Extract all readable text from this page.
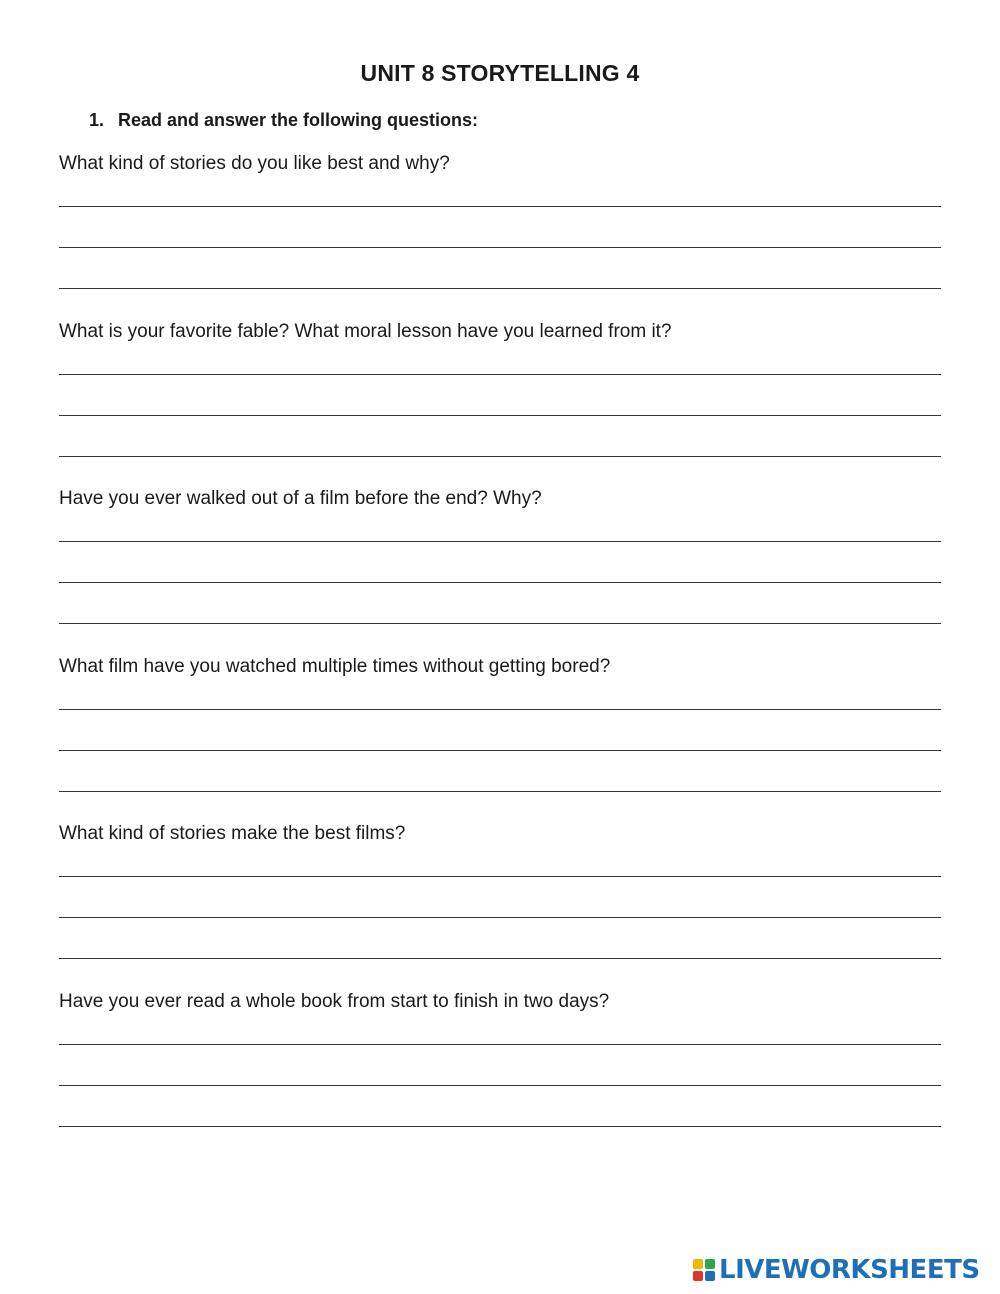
UNIT 8 STORYTELLING 4

1. Read and answer the following questions:

What kind of stories do you like best and why?

What is your favorite fable? What moral lesson have you learned from it?

Have you ever walked out of a film before the end? Why?

What film have you watched multiple times without getting bored?

What kind of stories make the best films?

Have you ever read a whole book from start to finish in two days?

LIVEWORKSHEETS
